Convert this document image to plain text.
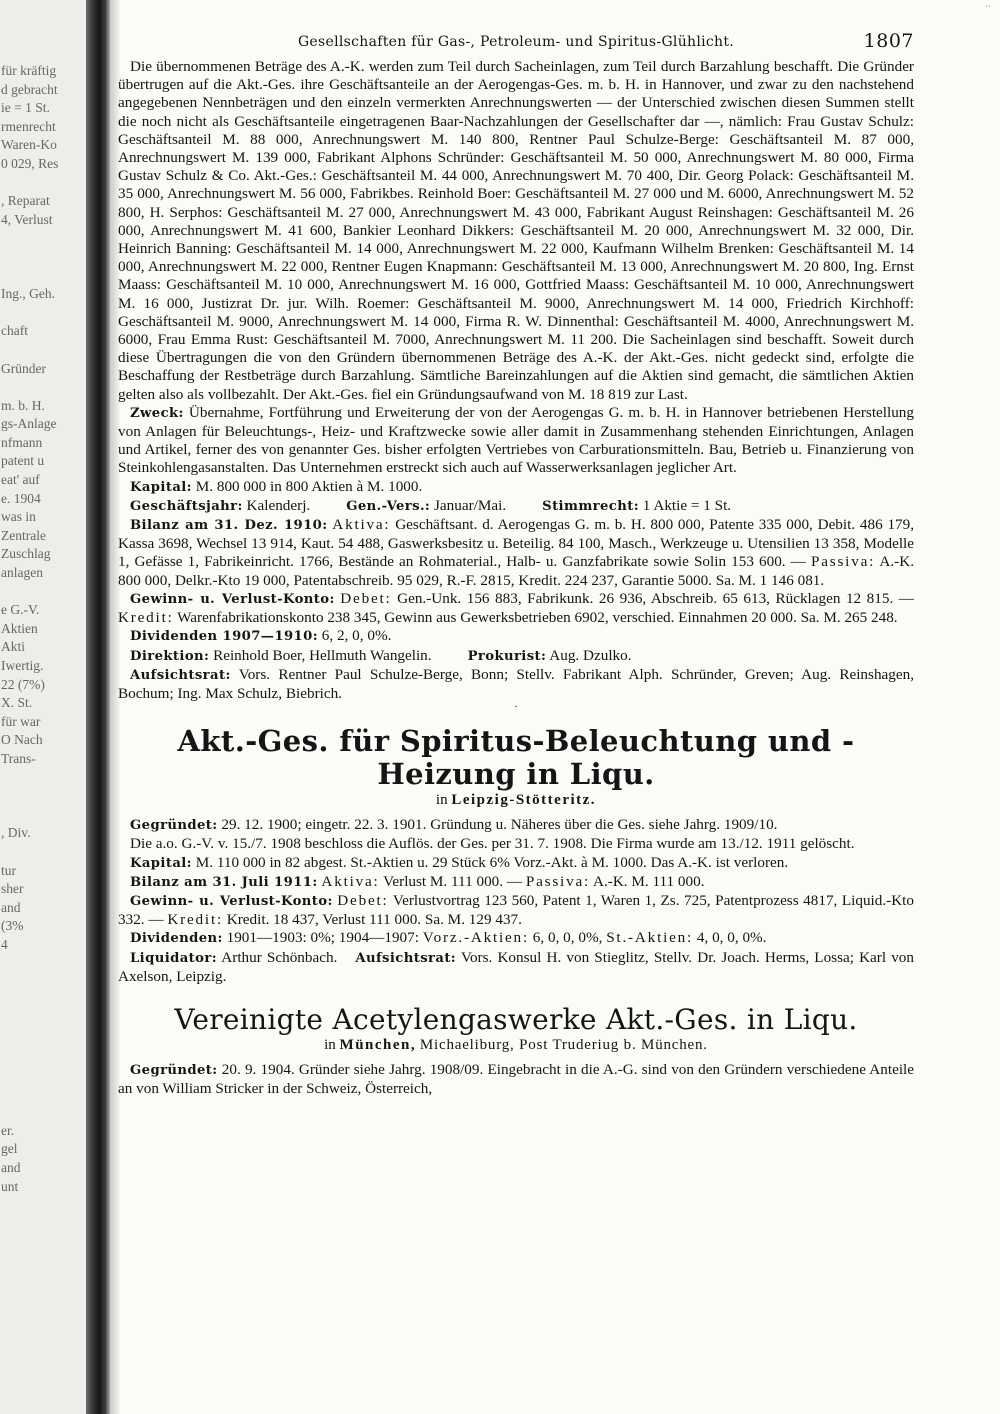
··
für kräftig
d gebracht
ie = 1 St.
rmenrecht
Waren-Ko
0 029, Res

, Reparat
4, Verlust

Ing., Geh.

chaft

Gründer

m. b. H.
gs-Anlage
nfmann
patent u
eat' auf
e. 1904
was in
Zentrale
Zuschlag
anlagen

e G.-V.
Aktien
Akti
Iwertig.
22 (7%)
X. St.
für war
O Nach
Trans-

, Div.

tur
sher
and
(3%
4

er.
gel
and
unt
Gesellschaften für Gas-, Petroleum- und Spiritus-Glühlicht.	1807

Die übernommenen Beträge des A.-K. werden zum Teil durch Sacheinlagen, zum Teil durch Barzahlung beschafft. Die Gründer übertrugen auf die Akt.-Ges. ihre Geschäftsanteile an der Aerogengas-Ges. m. b. H. in Hannover, und zwar zu den nachstehend angegebenen Nennbeträgen und den einzeln vermerkten Anrechnungswerten — der Unterschied zwischen diesen Summen stellt die noch nicht als Geschäftsanteile eingetragenen Baar-Nachzahlungen der Gesellschafter dar —, nämlich: Frau Gustav Schulz: Geschäftsanteil M. 88 000, Anrechnungswert M. 140 800, Rentner Paul Schulze-Berge: Geschäftsanteil M. 87 000, Anrechnungswert M. 139 000, Fabrikant Alphons Schründer: Geschäftsanteil M. 50 000, Anrechnungswert M. 80 000, Firma Gustav Schulz & Co. Akt.-Ges.: Geschäftsanteil M. 44 000, Anrechnungswert M. 70 400, Dir. Georg Polack: Geschäftsanteil M. 35 000, Anrechnungswert M. 56 000, Fabrikbes. Reinhold Boer: Geschäftsanteil M. 27 000 und M. 6000, Anrechnungswert M. 52 800, H. Serphos: Geschäftsanteil M. 27 000, Anrechnungswert M. 43 000, Fabrikant August Reinshagen: Geschäftsanteil M. 26 000, Anrechnungswert M. 41 600, Bankier Leonhard Dikkers: Geschäftsanteil M. 20 000, Anrechnungswert M. 32 000, Dir. Heinrich Banning: Geschäftsanteil M. 14 000, Anrechnungswert M. 22 000, Kaufmann Wilhelm Brenken: Geschäftsanteil M. 14 000, Anrechnungswert M. 22 000, Rentner Eugen Knapmann: Geschäftsanteil M. 13 000, Anrechnungswert M. 20 800, Ing. Ernst Maass: Geschäftsanteil M. 10 000, Anrechnungswert M. 16 000, Gottfried Maass: Geschäftsanteil M. 10 000, Anrechnungswert M. 16 000, Justizrat Dr. jur. Wilh. Roemer: Geschäftsanteil M. 9000, Anrechnungswert M. 14 000, Friedrich Kirchhoff: Geschäftsanteil M. 9000, Anrechnungswert M. 14 000, Firma R. W. Dinnenthal: Geschäftsanteil M. 4000, Anrechnungswert M. 6000, Frau Emma Rust: Geschäftsanteil M. 7000, Anrechnungswert M. 11 200. Die Sacheinlagen sind beschafft. Soweit durch diese Übertragungen die von den Gründern übernommenen Beträge des A.-K. der Akt.-Ges. nicht gedeckt sind, erfolgte die Beschaffung der Restbeträge durch Barzahlung. Sämtliche Bareinzahlungen auf die Aktien sind gemacht, die sämtlichen Aktien gelten also als vollbezahlt. Der Akt.-Ges. fiel ein Gründungsaufwand von M. 18 819 zur Last.

Zweck: Übernahme, Fortführung und Erweiterung der von der Aerogengas G. m. b. H. in Hannover betriebenen Herstellung von Anlagen für Beleuchtungs-, Heiz- und Kraftzwecke sowie aller damit in Zusammenhang stehenden Einrichtungen, Anlagen und Artikel, ferner des von genannter Ges. bisher erfolgten Vertriebes von Carburationsmitteln. Bau, Betrieb u. Finanzierung von Steinkohlengasanstalten. Das Unternehmen erstreckt sich auch auf Wasserwerksanlagen jeglicher Art.

Kapital: M. 800 000 in 800 Aktien à M. 1000.

Geschäftsjahr: Kalenderj.	Gen.-Vers.: Januar/Mai.	Stimmrecht: 1 Aktie = 1 St.

Bilanz am 31. Dez. 1910: Aktiva: Geschäftsant. d. Aerogengas G. m. b. H. 800 000, Patente 335 000, Debit. 486 179, Kassa 3698, Wechsel 13 914, Kaut. 54 488, Gaswerksbesitz u. Beteilig. 84 100, Masch., Werkzeuge u. Utensilien 13 358, Modelle 1, Gefässe 1, Fabrikeinricht. 1766, Bestände an Rohmaterial., Halb- u. Ganzfabrikate sowie Solin 153 600. — Passiva: A.-K. 800 000, Delkr.-Kto 19 000, Patentabschreib. 95 029, R.-F. 2815, Kredit. 224 237, Garantie 5000. Sa. M. 1 146 081.

Gewinn- u. Verlust-Konto: Debet: Gen.-Unk. 156 883, Fabrikunk. 26 936, Abschreib. 65 613, Rücklagen 12 815. — Kredit: Warenfabrikationskonto 238 345, Gewinn aus Gewerksbetrieben 6902, verschied. Einnahmen 20 000. Sa. M. 265 248.

Dividenden 1907—1910: 6, 2, 0, 0%.

Direktion: Reinhold Boer, Hellmuth Wangelin.	Prokurist: Aug. Dzulko.

Aufsichtsrat: Vors. Rentner Paul Schulze-Berge, Bonn; Stellv. Fabrikant Alph. Schründer, Greven; Aug. Reinshagen, Bochum; Ing. Max Schulz, Biebrich.

·
Akt.-Ges. für Spiritus-Beleuchtung und -Heizung in Liqu.
in Leipzig-Stötteritz.

Gegründet: 29. 12. 1900; eingetr. 22. 3. 1901. Gründung u. Näheres über die Ges. siehe Jahrg. 1909/10.

Die a.o. G.-V. v. 15./7. 1908 beschloss die Auflös. der Ges. per 31. 7. 1908. Die Firma wurde am 13./12. 1911 gelöscht.

Kapital: M. 110 000 in 82 abgest. St.-Aktien u. 29 Stück 6% Vorz.-Akt. à M. 1000. Das A.-K. ist verloren.

Bilanz am 31. Juli 1911: Aktiva: Verlust M. 111 000. — Passiva: A.-K. M. 111 000.

Gewinn- u. Verlust-Konto: Debet: Verlustvortrag 123 560, Patent 1, Waren 1, Zs. 725, Patentprozess 4817, Liquid.-Kto 332. — Kredit: Kredit. 18 437, Verlust 111 000. Sa. M. 129 437.

Dividenden: 1901—1903: 0%; 1904—1907: Vorz.-Aktien: 6, 0, 0, 0%, St.-Aktien: 4, 0, 0, 0%.

Liquidator: Arthur Schönbach. Aufsichtsrat: Vors. Konsul H. von Stieglitz, Stellv. Dr. Joach. Herms, Lossa; Karl von Axelson, Leipzig.

Vereinigte Acetylengaswerke Akt.-Ges. in Liqu.
in München, Michaeliburg, Post Truderiug b. München.

Gegründet: 20. 9. 1904. Gründer siehe Jahrg. 1908/09. Eingebracht in die A.-G. sind von den Gründern verschiedene Anteile an von William Stricker in der Schweiz, Österreich,
